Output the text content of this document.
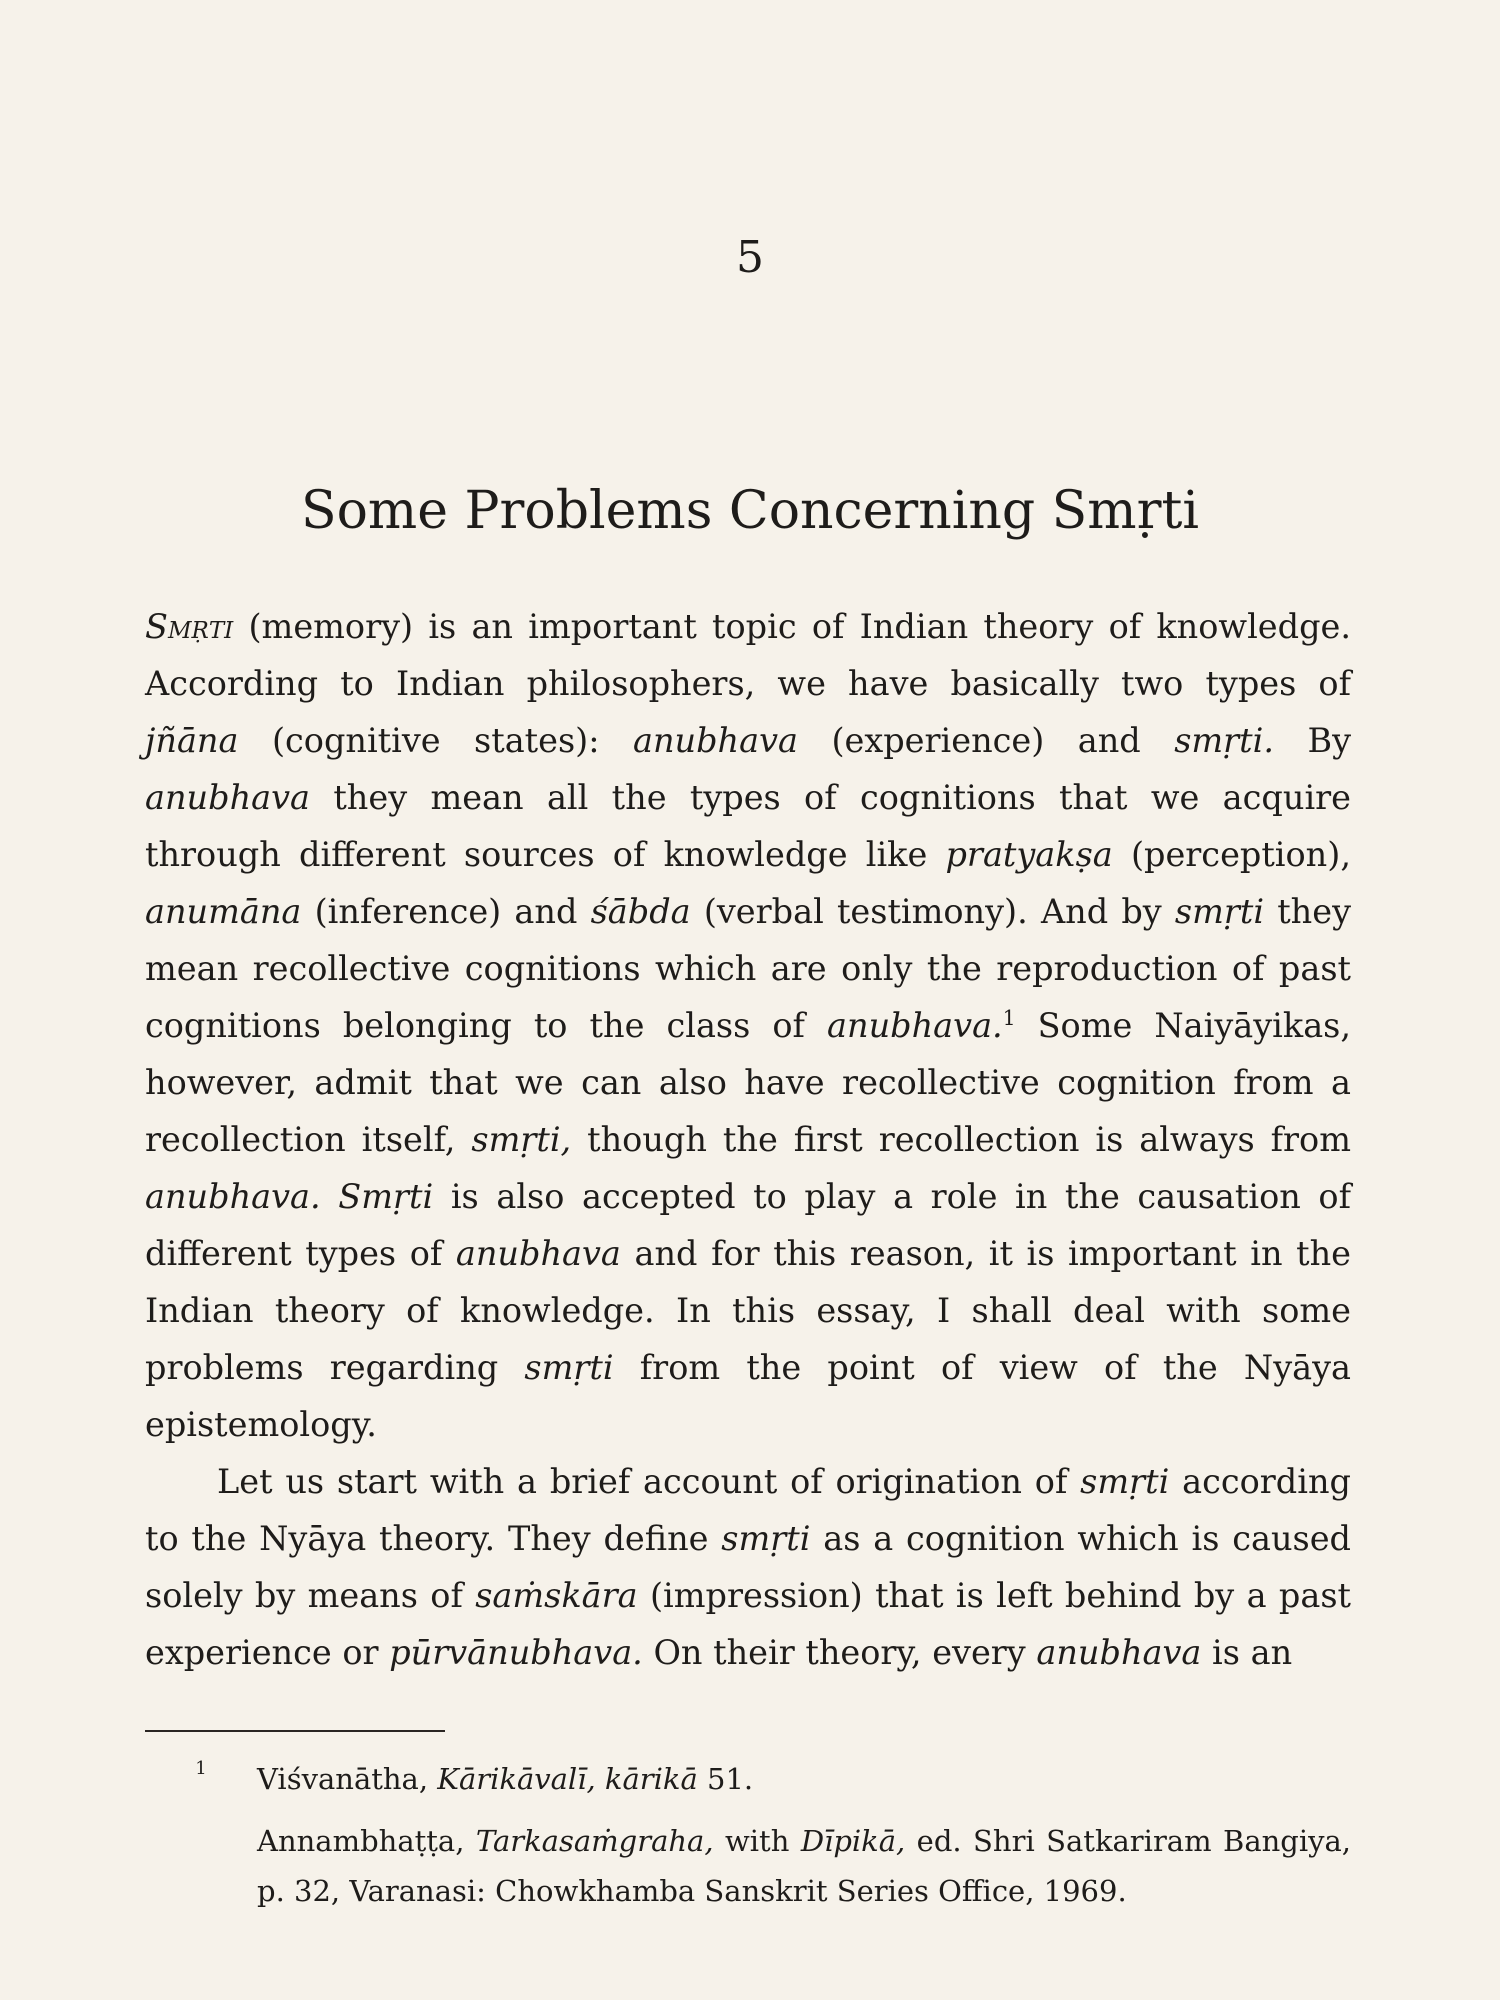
5
Some Problems Concerning Smṛti

Smṛti (memory) is an important topic of Indian theory of knowledge. According to Indian philosophers, we have basically two types of jñāna (cognitive states): anubhava (experience) and smṛti. By anubhava they mean all the types of cognitions that we acquire through different sources of knowledge like pratyakṣa (perception), anumāna (inference) and śābda (verbal testimony). And by smṛti they mean recollective cognitions which are only the reproduction of past cognitions belonging to the class of anubhava.$^1$ Some Naiyāyikas, however, admit that we can also have recollective cognition from a recollection itself, smṛti, though the first recollection is always from anubhava. Smṛti is also accepted to play a role in the causation of different types of anubhava and for this reason, it is important in the Indian theory of knowledge. In this essay, I shall deal with some problems regarding smṛti from the point of view of the Nyāya epistemology.

Let us start with a brief account of origination of smṛti according to the Nyāya theory. They define smṛti as a cognition which is caused solely by means of saṁskāra (impression) that is left behind by a past experience or pūrvānubhava. On their theory, every anubhava is an

1	Viśvanātha, Kārikāvalī, kārikā 51.
Annambhaṭṭa, Tarkasaṁgraha, with Dīpikā, ed. Shri Satkariram Bangiya, p. 32, Varanasi: Chowkhamba Sanskrit Series Office, 1969.
